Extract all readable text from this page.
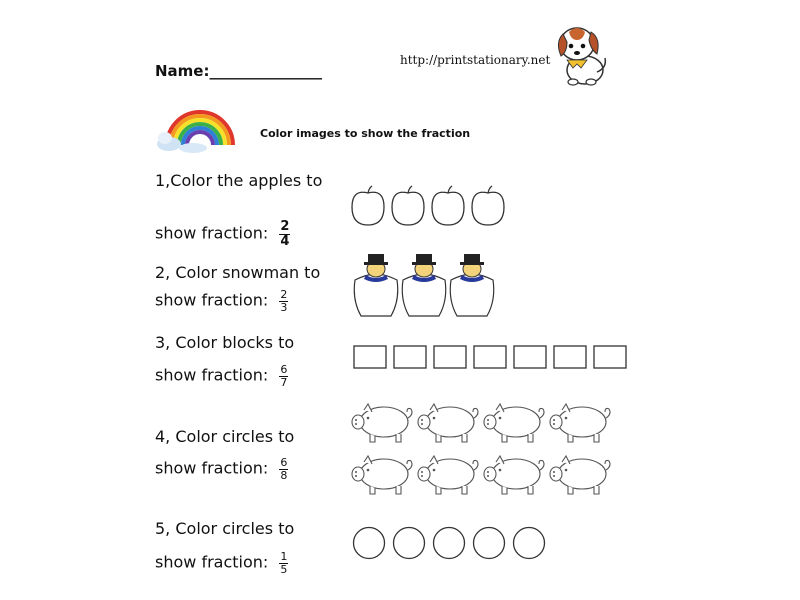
Name:_______________
http://printstationary.net
Color images to show the fraction
1,Color the apples to
show fraction: $\frac{2}{4}$
2, Color snowman to
show fraction: $\frac{2}{3}$
3, Color blocks to
show fraction: $\frac{6}{7}$
4, Color circles to
show fraction: $\frac{6}{8}$
5, Color circles to
show fraction: $\frac{1}{5}$
